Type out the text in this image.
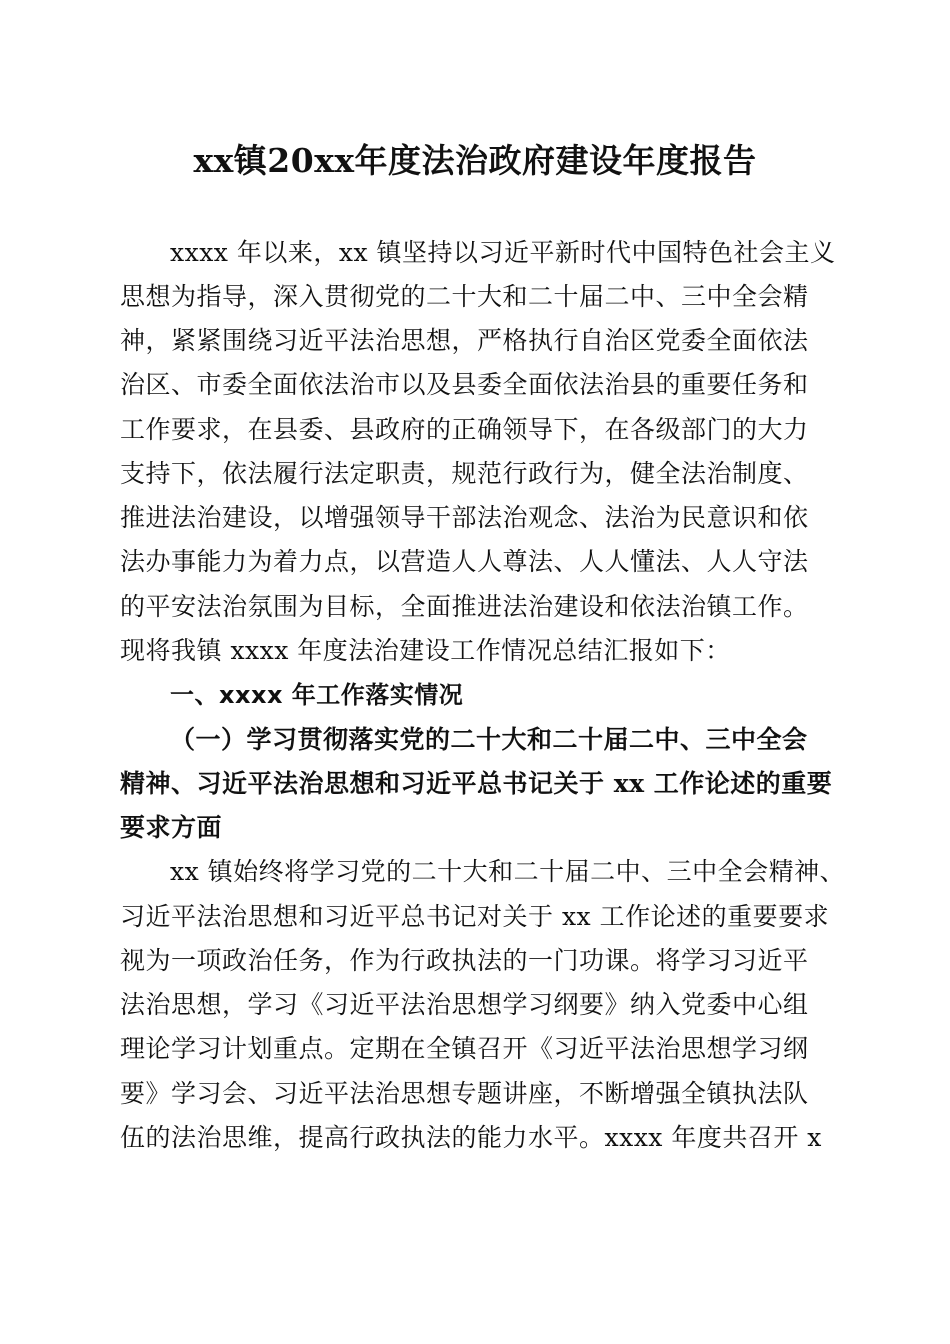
xx镇20xx年度法治政府建设年度报告
xxxx 年以来，xx 镇坚持以习近平新时代中国特色社会主义
思想为指导，深入贯彻党的二十大和二十届二中、三中全会精
神，紧紧围绕习近平法治思想，严格执行自治区党委全面依法
治区、市委全面依法治市以及县委全面依法治县的重要任务和
工作要求，在县委、县政府的正确领导下，在各级部门的大力
支持下，依法履行法定职责，规范行政行为，健全法治制度、
推进法治建设，以增强领导干部法治观念、法治为民意识和依
法办事能力为着力点，以营造人人尊法、人人懂法、人人守法
的平安法治氛围为目标，全面推进法治建设和依法治镇工作。
现将我镇 xxxx 年度法治建设工作情况总结汇报如下：
一、xxxx 年工作落实情况
（一）学习贯彻落实党的二十大和二十届二中、三中全会
精神、习近平法治思想和习近平总书记关于 xx 工作论述的重要
要求方面
xx 镇始终将学习党的二十大和二十届二中、三中全会精神、
习近平法治思想和习近平总书记对关于 xx 工作论述的重要要求
视为一项政治任务，作为行政执法的一门功课。将学习习近平
法治思想，学习《习近平法治思想学习纲要》纳入党委中心组
理论学习计划重点。定期在全镇召开《习近平法治思想学习纲
要》学习会、习近平法治思想专题讲座，不断增强全镇执法队
伍的法治思维，提高行政执法的能力水平。xxxx 年度共召开 x
